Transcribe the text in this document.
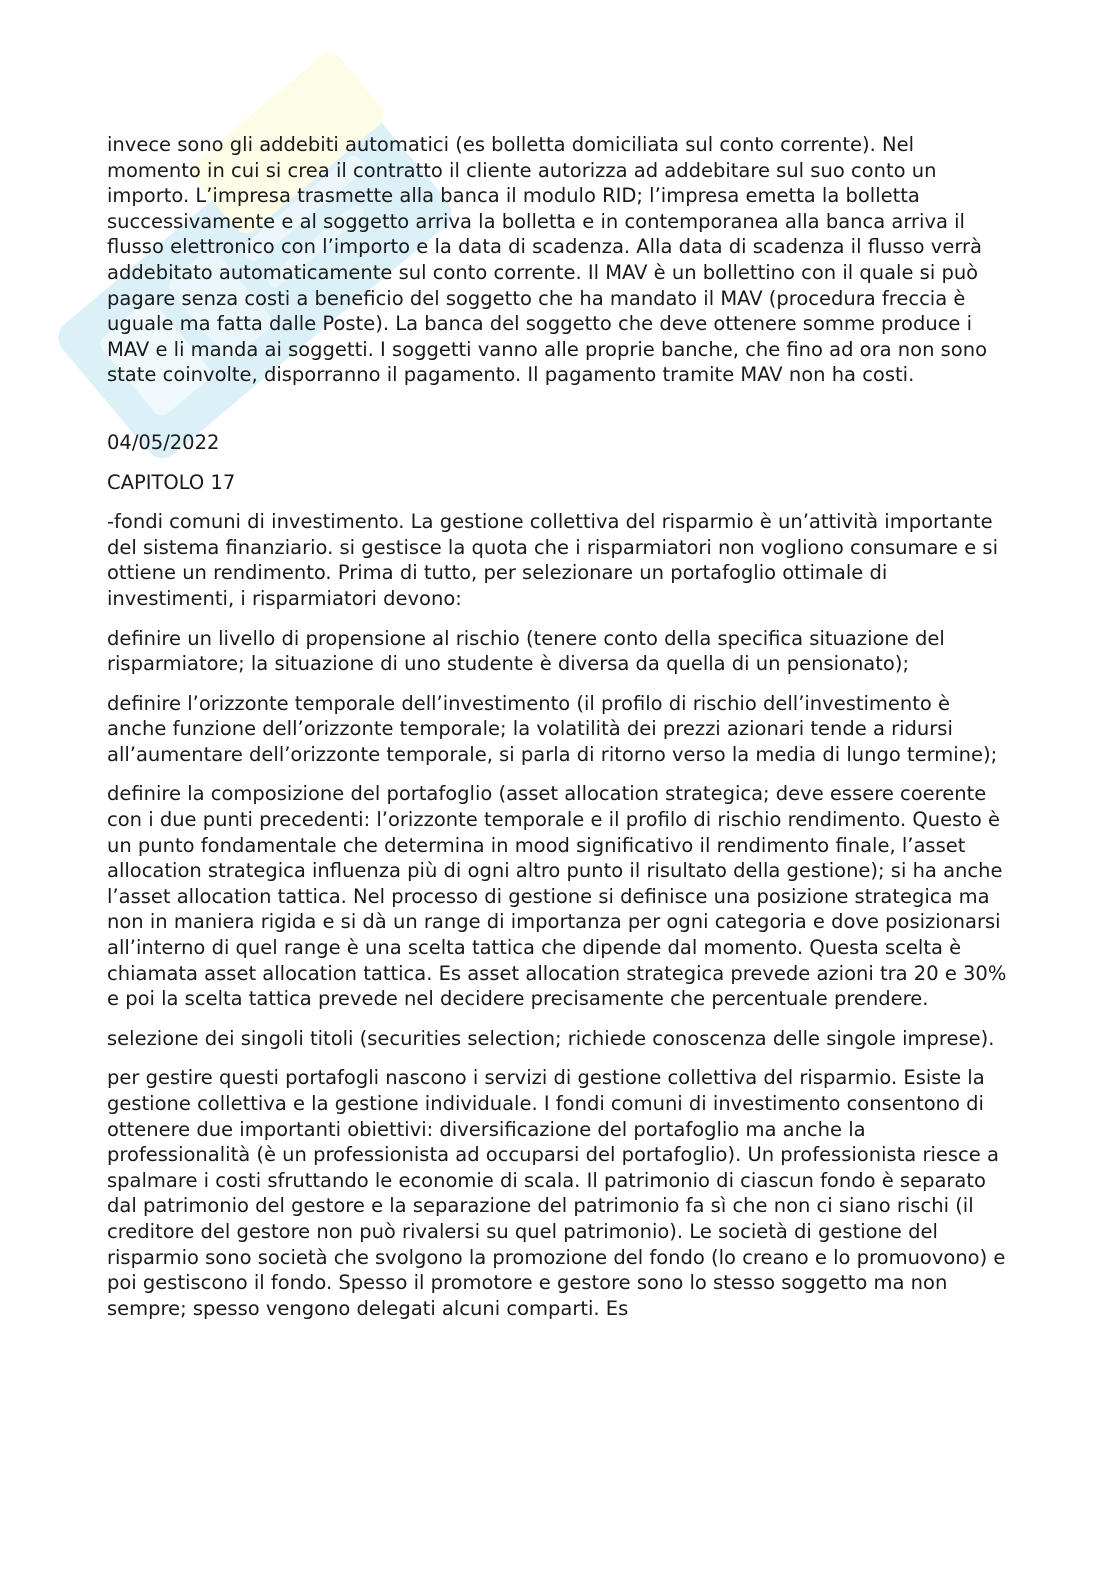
invece sono gli addebiti automatici (es bolletta domiciliata sul conto corrente). Nel momento in cui si crea il contratto il cliente autorizza ad addebitare sul suo conto un importo. L’impresa trasmette alla banca il modulo RID; l’impresa emetta la bolletta successivamente e al soggetto arriva la bolletta e in contemporanea alla banca arriva il flusso elettronico con l’importo e la data di scadenza. Alla data di scadenza il flusso verrà addebitato automaticamente sul conto corrente. Il MAV è un bollettino con il quale si può pagare senza costi a beneficio del soggetto che ha mandato il MAV (procedura freccia è uguale ma fatta dalle Poste). La banca del soggetto che deve ottenere somme produce i MAV e li manda ai soggetti. I soggetti vanno alle proprie banche, che fino ad ora non sono state coinvolte, disporranno il pagamento. Il pagamento tramite MAV non ha costi.

04/05/2022

CAPITOLO 17

-fondi comuni di investimento. La gestione collettiva del risparmio è un’attività importante del sistema finanziario. si gestisce la quota che i risparmiatori non vogliono consumare e si ottiene un rendimento. Prima di tutto, per selezionare un portafoglio ottimale di investimenti, i risparmiatori devono:

definire un livello di propensione al rischio (tenere conto della specifica situazione del risparmiatore; la situazione di uno studente è diversa da quella di un pensionato);

definire l’orizzonte temporale dell’investimento (il profilo di rischio dell’investimento è anche funzione dell’orizzonte temporale; la volatilità dei prezzi azionari tende a ridursi all’aumentare dell’orizzonte temporale, si parla di ritorno verso la media di lungo termine);

definire la composizione del portafoglio (asset allocation strategica; deve essere coerente con i due punti precedenti: l’orizzonte temporale e il profilo di rischio rendimento. Questo è un punto fondamentale che determina in mood significativo il rendimento finale, l’asset allocation strategica influenza più di ogni altro punto il risultato della gestione); si ha anche l’asset allocation tattica. Nel processo di gestione si definisce una posizione strategica ma non in maniera rigida e si dà un range di importanza per ogni categoria e dove posizionarsi all’interno di quel range è una scelta tattica che dipende dal momento. Questa scelta è chiamata asset allocation tattica. Es asset allocation strategica prevede azioni tra 20 e 30% e poi la scelta tattica prevede nel decidere precisamente che percentuale prendere.

selezione dei singoli titoli (securities selection; richiede conoscenza delle singole imprese).

per gestire questi portafogli nascono i servizi di gestione collettiva del risparmio. Esiste la gestione collettiva e la gestione individuale. I fondi comuni di investimento consentono di ottenere due importanti obiettivi: diversificazione del portafoglio ma anche la professionalità (è un professionista ad occuparsi del portafoglio). Un professionista riesce a spalmare i costi sfruttando le economie di scala. Il patrimonio di ciascun fondo è separato dal patrimonio del gestore e la separazione del patrimonio fa sì che non ci siano rischi (il creditore del gestore non può rivalersi su quel patrimonio). Le società di gestione del risparmio sono società che svolgono la promozione del fondo (lo creano e lo promuovono) e poi gestiscono il fondo. Spesso il promotore e gestore sono lo stesso soggetto ma non sempre; spesso vengono delegati alcuni comparti. Es
